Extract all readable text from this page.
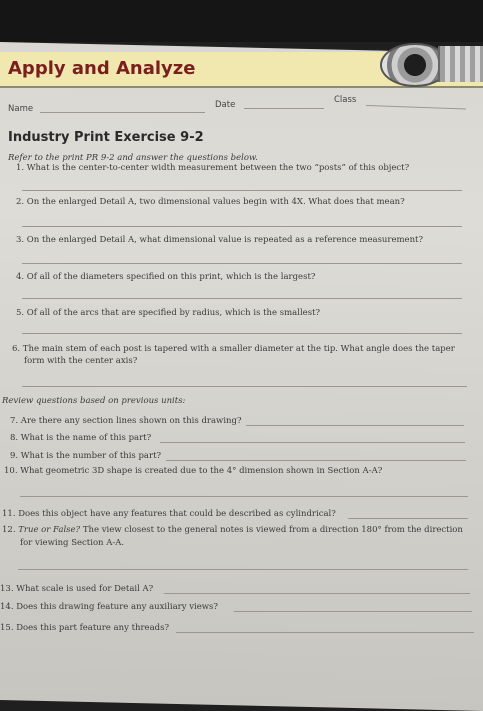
Apply and Analyze
Name	Date	Class
Industry Print Exercise 9-2
Refer to the print PR 9-2 and answer the questions below.
1. What is the center-to-center width measurement between the two “posts” of this object?
2. On the enlarged Detail A, two dimensional values begin with 4X. What does that mean?
3. On the enlarged Detail A, what dimensional value is repeated as a reference measurement?
4. Of all of the diameters specified on this print, which is the largest?
5. Of all of the arcs that are specified by radius, which is the smallest?
6. The main stem of each post is tapered with a smaller diameter at the tip. What angle does the taper
form with the center axis?
Review questions based on previous units:
7. Are there any section lines shown on this drawing?
8. What is the name of this part?
9. What is the number of this part?
10. What geometric 3D shape is created due to the 4° dimension shown in Section A-A?
11. Does this object have any features that could be described as cylindrical?
12. True or False? The view closest to the general notes is viewed from a direction 180° from the direction
for viewing Section A-A.
13. What scale is used for Detail A?
14. Does this drawing feature any auxiliary views?
15. Does this part feature any threads?
